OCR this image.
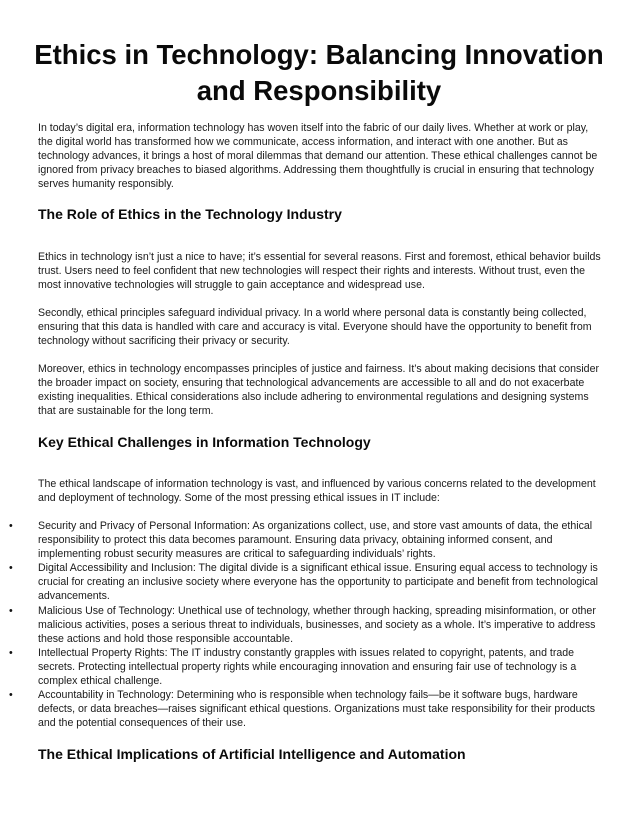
Ethics in Technology: Balancing Innovation and Responsibility

In today’s digital era, information technology has woven itself into the fabric of our daily lives. Whether at work or play, the digital world has transformed how we communicate, access information, and interact with one another. But as technology advances, it brings a host of moral dilemmas that demand our attention. These ethical challenges cannot be ignored from privacy breaches to biased algorithms. Addressing them thoughtfully is crucial in ensuring that technology serves humanity responsibly.

The Role of Ethics in the Technology Industry

Ethics in technology isn’t just a nice to have; it’s essential for several reasons. First and foremost, ethical behavior builds trust. Users need to feel confident that new technologies will respect their rights and interests. Without trust, even the most innovative technologies will struggle to gain acceptance and widespread use.

Secondly, ethical principles safeguard individual privacy. In a world where personal data is constantly being collected, ensuring that this data is handled with care and accuracy is vital. Everyone should have the opportunity to benefit from technology without sacrificing their privacy or security.

Moreover, ethics in technology encompasses principles of justice and fairness. It’s about making decisions that consider the broader impact on society, ensuring that technological advancements are accessible to all and do not exacerbate existing inequalities. Ethical considerations also include adhering to environmental regulations and designing systems that are sustainable for the long term.

Key Ethical Challenges in Information Technology

The ethical landscape of information technology is vast, and influenced by various concerns related to the development and deployment of technology. Some of the most pressing ethical issues in IT include:

• Security and Privacy of Personal Information: As organizations collect, use, and store vast amounts of data, the ethical responsibility to protect this data becomes paramount. Ensuring data privacy, obtaining informed consent, and implementing robust security measures are critical to safeguarding individuals’ rights.
• Digital Accessibility and Inclusion: The digital divide is a significant ethical issue. Ensuring equal access to technology is crucial for creating an inclusive society where everyone has the opportunity to participate and benefit from technological advancements.
• Malicious Use of Technology: Unethical use of technology, whether through hacking, spreading misinformation, or other malicious activities, poses a serious threat to individuals, businesses, and society as a whole. It’s imperative to address these actions and hold those responsible accountable.
• Intellectual Property Rights: The IT industry constantly grapples with issues related to copyright, patents, and trade secrets. Protecting intellectual property rights while encouraging innovation and ensuring fair use of technology is a complex ethical challenge.
• Accountability in Technology: Determining who is responsible when technology fails—be it software bugs, hardware defects, or data breaches—raises significant ethical questions. Organizations must take responsibility for their products and the potential consequences of their use.
The Ethical Implications of Artificial Intelligence and Automation
